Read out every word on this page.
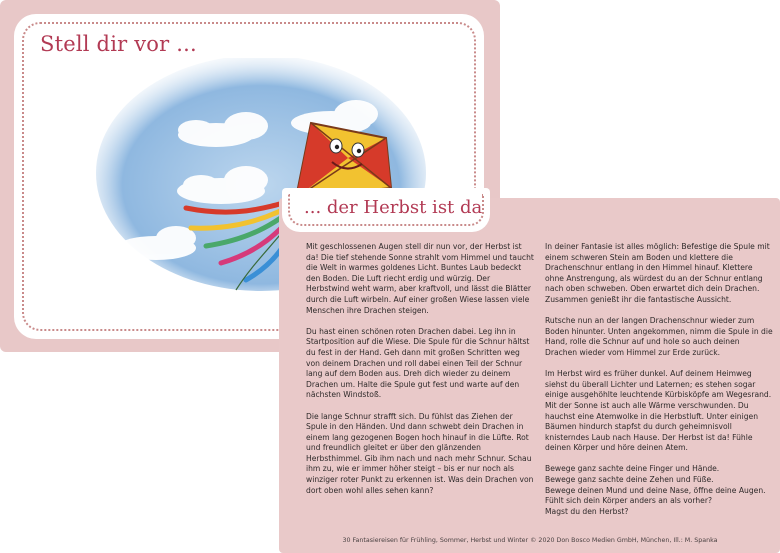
Stell dir vor ...
... der Herbst ist da

Mit geschlossenen Augen stell dir nun vor, der Herbst ist da! Die tief stehende Sonne strahlt vom Himmel und taucht die Welt in warmes goldenes Licht. Buntes Laub bedeckt den Boden. Die Luft riecht erdig und würzig. Der Herbstwind weht warm, aber kraftvoll, und lässt die Blätter durch die Luft wirbeln. Auf einer großen Wiese lassen viele Menschen ihre Drachen steigen.

Du hast einen schönen roten Drachen dabei. Leg ihn in Startposition auf die Wiese. Die Spule für die Schnur hältst du fest in der Hand. Geh dann mit großen Schritten weg von deinem Drachen und roll dabei einen Teil der Schnur lang auf dem Boden aus. Dreh dich wieder zu deinem Drachen um. Halte die Spule gut fest und warte auf den nächsten Windstoß.

Die lange Schnur strafft sich. Du fühlst das Ziehen der Spule in den Händen. Und dann schwebt dein Drachen in einem lang gezogenen Bogen hoch hinauf in die Lüfte. Rot und freundlich gleitet er über den glänzenden Herbsthimmel. Gib ihm nach und nach mehr Schnur. Schau ihm zu, wie er immer höher steigt – bis er nur noch als winziger roter Punkt zu erkennen ist. Was dein Drachen von dort oben wohl alles sehen kann?

In deiner Fantasie ist alles möglich: Befestige die Spule mit einem schweren Stein am Boden und klettere die Drachenschnur entlang in den Himmel hinauf. Klettere ohne Anstrengung, als würdest du an der Schnur entlang nach oben schweben. Oben erwartet dich dein Drachen. Zusammen genießt ihr die fantastische Aussicht.

Rutsche nun an der langen Drachenschnur wieder zum Boden hinunter. Unten angekommen, nimm die Spule in die Hand, rolle die Schnur auf und hole so auch deinen Drachen wieder vom Himmel zur Erde zurück.

Im Herbst wird es früher dunkel. Auf deinem Heimweg siehst du überall Lichter und Laternen; es stehen sogar einige ausgehöhlte leuchtende Kürbisköpfe am Wegesrand. Mit der Sonne ist auch alle Wärme verschwunden. Du hauchst eine Atemwolke in die Herbstluft. Unter einigen Bäumen hindurch stapfst du durch geheimnisvoll knisterndes Laub nach Hause. Der Herbst ist da! Fühle deinen Körper und höre deinen Atem.

Bewege ganz sachte deine Finger und Hände.
Bewege ganz sachte deine Zehen und Füße.
Bewege deinen Mund und deine Nase, öffne deine Augen.
Fühlt sich dein Körper anders an als vorher?
Magst du den Herbst?

30 Fantasiereisen für Frühling, Sommer, Herbst und Winter © 2020 Don Bosco Medien GmbH, München, Ill.: M. Spanka
